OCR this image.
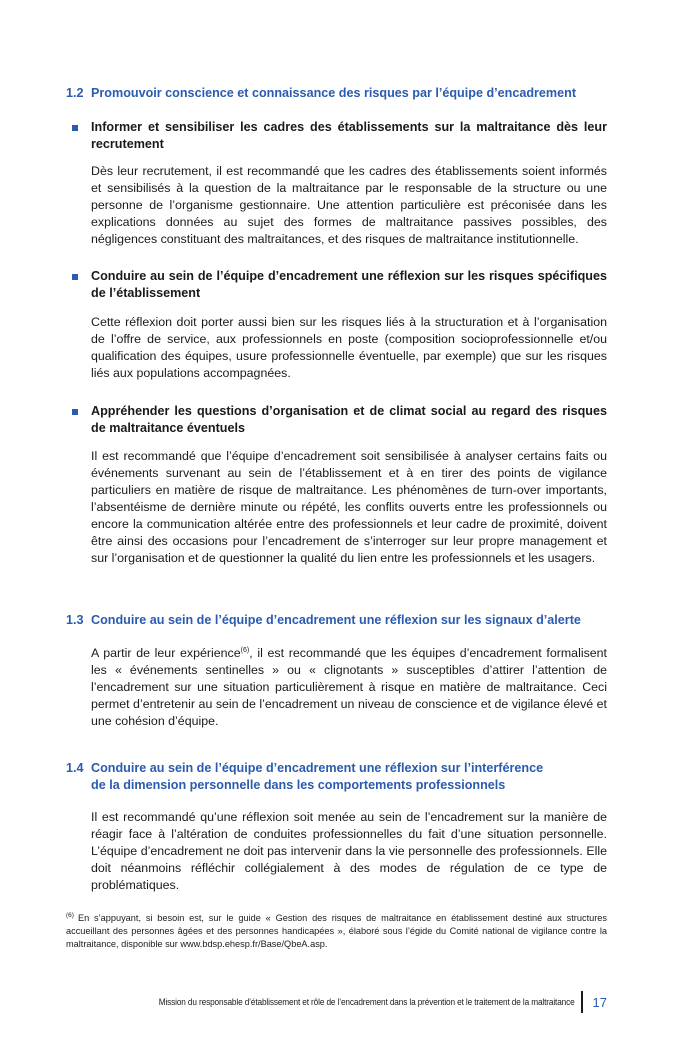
1.2 Promouvoir conscience et connaissance des risques par l’équipe d’encadrement
Informer et sensibiliser les cadres des établissements sur la maltraitance dès leur recrutement

Dès leur recrutement, il est recommandé que les cadres des établissements soient informés et sensibilisés à la question de la maltraitance par le responsable de la structure ou une personne de l’organisme gestionnaire. Une attention particulière est préconisée dans les explications données au sujet des formes de maltraitance passives possibles, des négligences constituant des maltraitances, et des risques de maltraitance institutionnelle.

Conduire au sein de l’équipe d’encadrement une réflexion sur les risques spécifiques de l’établissement

Cette réflexion doit porter aussi bien sur les risques liés à la structuration et à l’organisation de l’offre de service, aux professionnels en poste (composition socioprofessionnelle et/ou qualification des équipes, usure professionnelle éventuelle, par exemple) que sur les risques liés aux populations accompagnées.

Appréhender les questions d’organisation et de climat social au regard des risques de maltraitance éventuels

Il est recommandé que l’équipe d’encadrement soit sensibilisée à analyser certains faits ou événements survenant au sein de l’établissement et à en tirer des points de vigilance particuliers en matière de risque de maltraitance. Les phénomènes de turn-over importants, l’absentéisme de dernière minute ou répété, les conflits ouverts entre les professionnels ou encore la communication altérée entre des professionnels et leur cadre de proximité, doivent être ainsi des occasions pour l’encadrement de s’interroger sur leur propre management et sur l’organisation et de questionner la qualité du lien entre les professionnels et les usagers.

1.3 Conduire au sein de l’équipe d’encadrement une réflexion sur les signaux d’alerte

A partir de leur expérience$^{(6)}$, il est recommandé que les équipes d’encadrement formalisent les « événements sentinelles » ou « clignotants » susceptibles d’attirer l’attention de l’encadrement sur une situation particulièrement à risque en matière de maltraitance. Ceci permet d’entretenir au sein de l’encadrement un niveau de conscience et de vigilance élevé et une cohésion d’équipe.

1.4 Conduire au sein de l’équipe d’encadrement une réflexion sur l’interférence
de la dimension personnelle dans les comportements professionnels

Il est recommandé qu’une réflexion soit menée au sein de l’encadrement sur la manière de réagir face à l’altération de conduites professionnelles du fait d’une situation personnelle. L’équipe d’encadrement ne doit pas intervenir dans la vie personnelle des professionnels. Elle doit néanmoins réfléchir collégialement à des modes de régulation de ce type de problématiques.

$^{(6)}$ En s’appuyant, si besoin est, sur le guide « Gestion des risques de maltraitance en établissement destiné aux structures accueillant des personnes âgées et des personnes handicapées », élaboré sous l’égide du Comité national de vigilance contre la maltraitance, disponible sur www.bdsp.ehesp.fr/Base/QbeA.asp.
Mission du responsable d’établissement et rôle de l’encadrement dans la prévention et le traitement de la maltraitance 17
